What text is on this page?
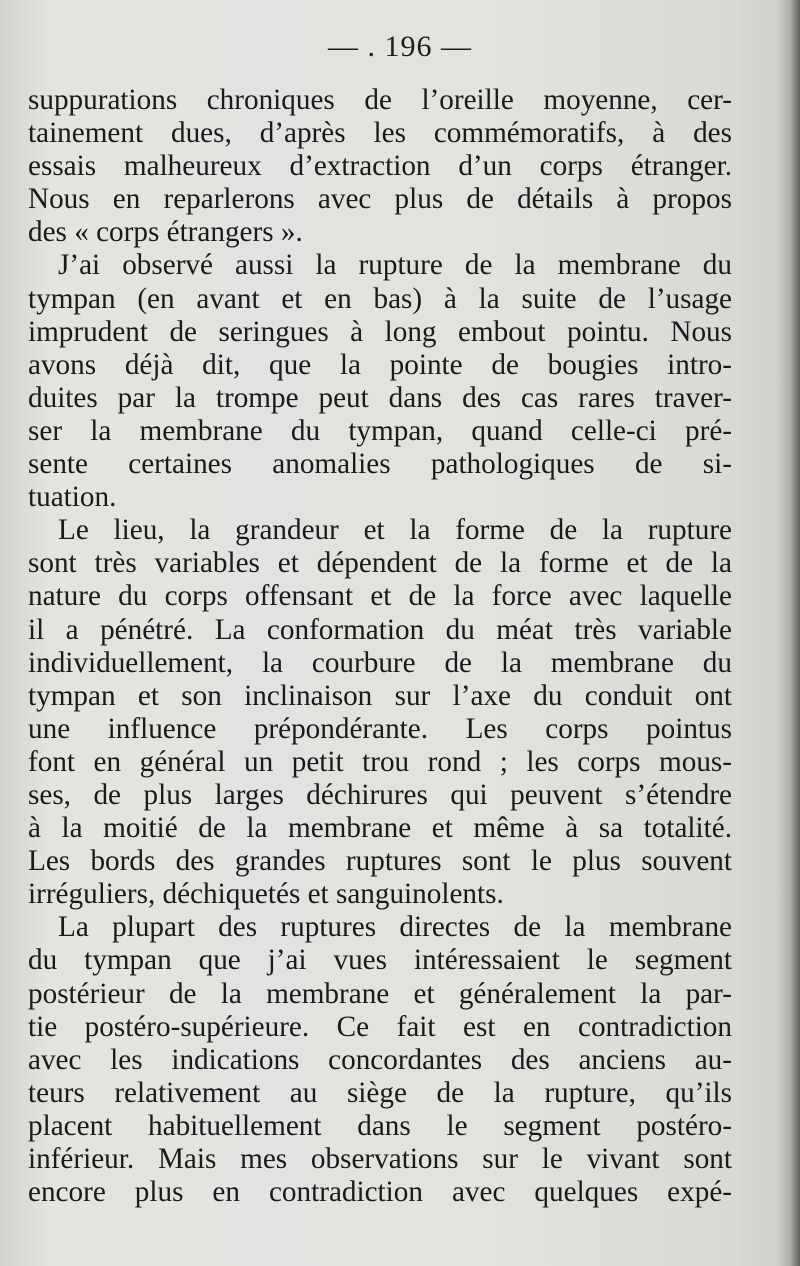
— . 196 —
suppurations chroniques de l’oreille moyenne, cer-
tainement dues, d’après les commémoratifs, à des
essais malheureux d’extraction d’un corps étranger.
Nous en reparlerons avec plus de détails à propos
des « corps étrangers ».
J’ai observé aussi la rupture de la membrane du
tympan (en avant et en bas) à la suite de l’usage
imprudent de seringues à long embout pointu. Nous
avons déjà dit, que la pointe de bougies intro-
duites par la trompe peut dans des cas rares traver-
ser la membrane du tympan, quand celle-ci pré-
sente certaines anomalies pathologiques de si-
tuation.
Le lieu, la grandeur et la forme de la rupture
sont très variables et dépendent de la forme et de la
nature du corps offensant et de la force avec laquelle
il a pénétré. La conformation du méat très variable
individuellement, la courbure de la membrane du
tympan et son inclinaison sur l’axe du conduit ont
une influence prépondérante. Les corps pointus
font en général un petit trou rond ; les corps mous-
ses, de plus larges déchirures qui peuvent s’étendre
à la moitié de la membrane et même à sa totalité.
Les bords des grandes ruptures sont le plus souvent
irréguliers, déchiquetés et sanguinolents.
La plupart des ruptures directes de la membrane
du tympan que j’ai vues intéressaient le segment
postérieur de la membrane et généralement la par-
tie postéro-supérieure. Ce fait est en contradiction
avec les indications concordantes des anciens au-
teurs relativement au siège de la rupture, qu’ils
placent habituellement dans le segment postéro-
inférieur. Mais mes observations sur le vivant sont
encore plus en contradiction avec quelques expé-
